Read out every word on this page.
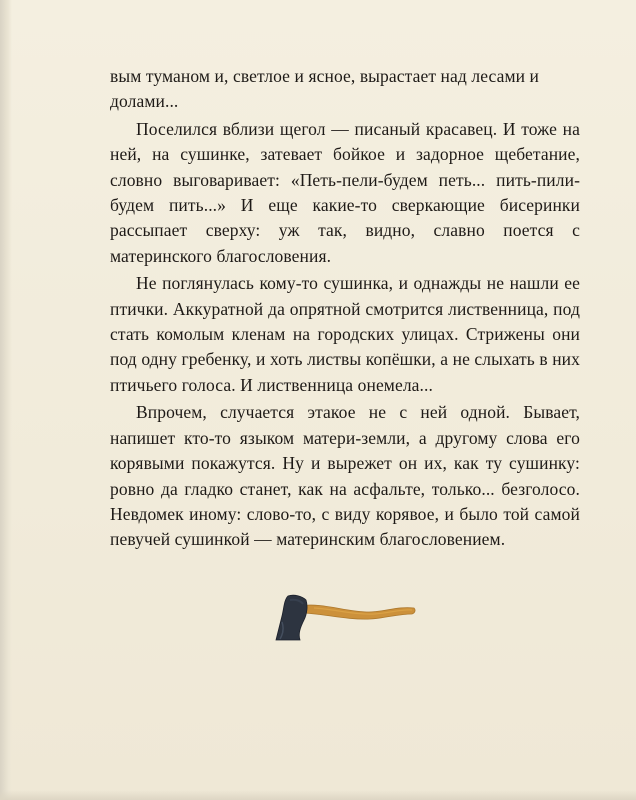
вым туманом и, светлое и ясное, вырастает над лесами и долами...

Поселился вблизи щегол — писаный красавец. И тоже на ней, на сушинке, затевает бойкое и задорное щебетание, словно выговаривает: «Петь-пели-будем петь... пить-пили-будем пить...» И еще какие-то сверкающие бисеринки рассыпает сверху: уж так, видно, славно поется с материнского благословения.

Не поглянулась кому-то сушинка, и однажды не нашли ее птички. Аккуратной да опрятной смотрится лиственница, под стать комолым кленам на городских улицах. Стрижены они под одну гребенку, и хоть листвы копёшки, а не слыхать в них птичьего голоса. И лиственница онемела...

Впрочем, случается этакое не с ней одной. Бывает, напишет кто-то языком матери-земли, а другому слова его корявыми покажутся. Ну и вырежет он их, как ту сушинку: ровно да гладко станет, как на асфальте, только... безголосо. Невдомек иному: слово-то, с виду корявое, и было той самой певучей сушинкой — материнским благословением.
